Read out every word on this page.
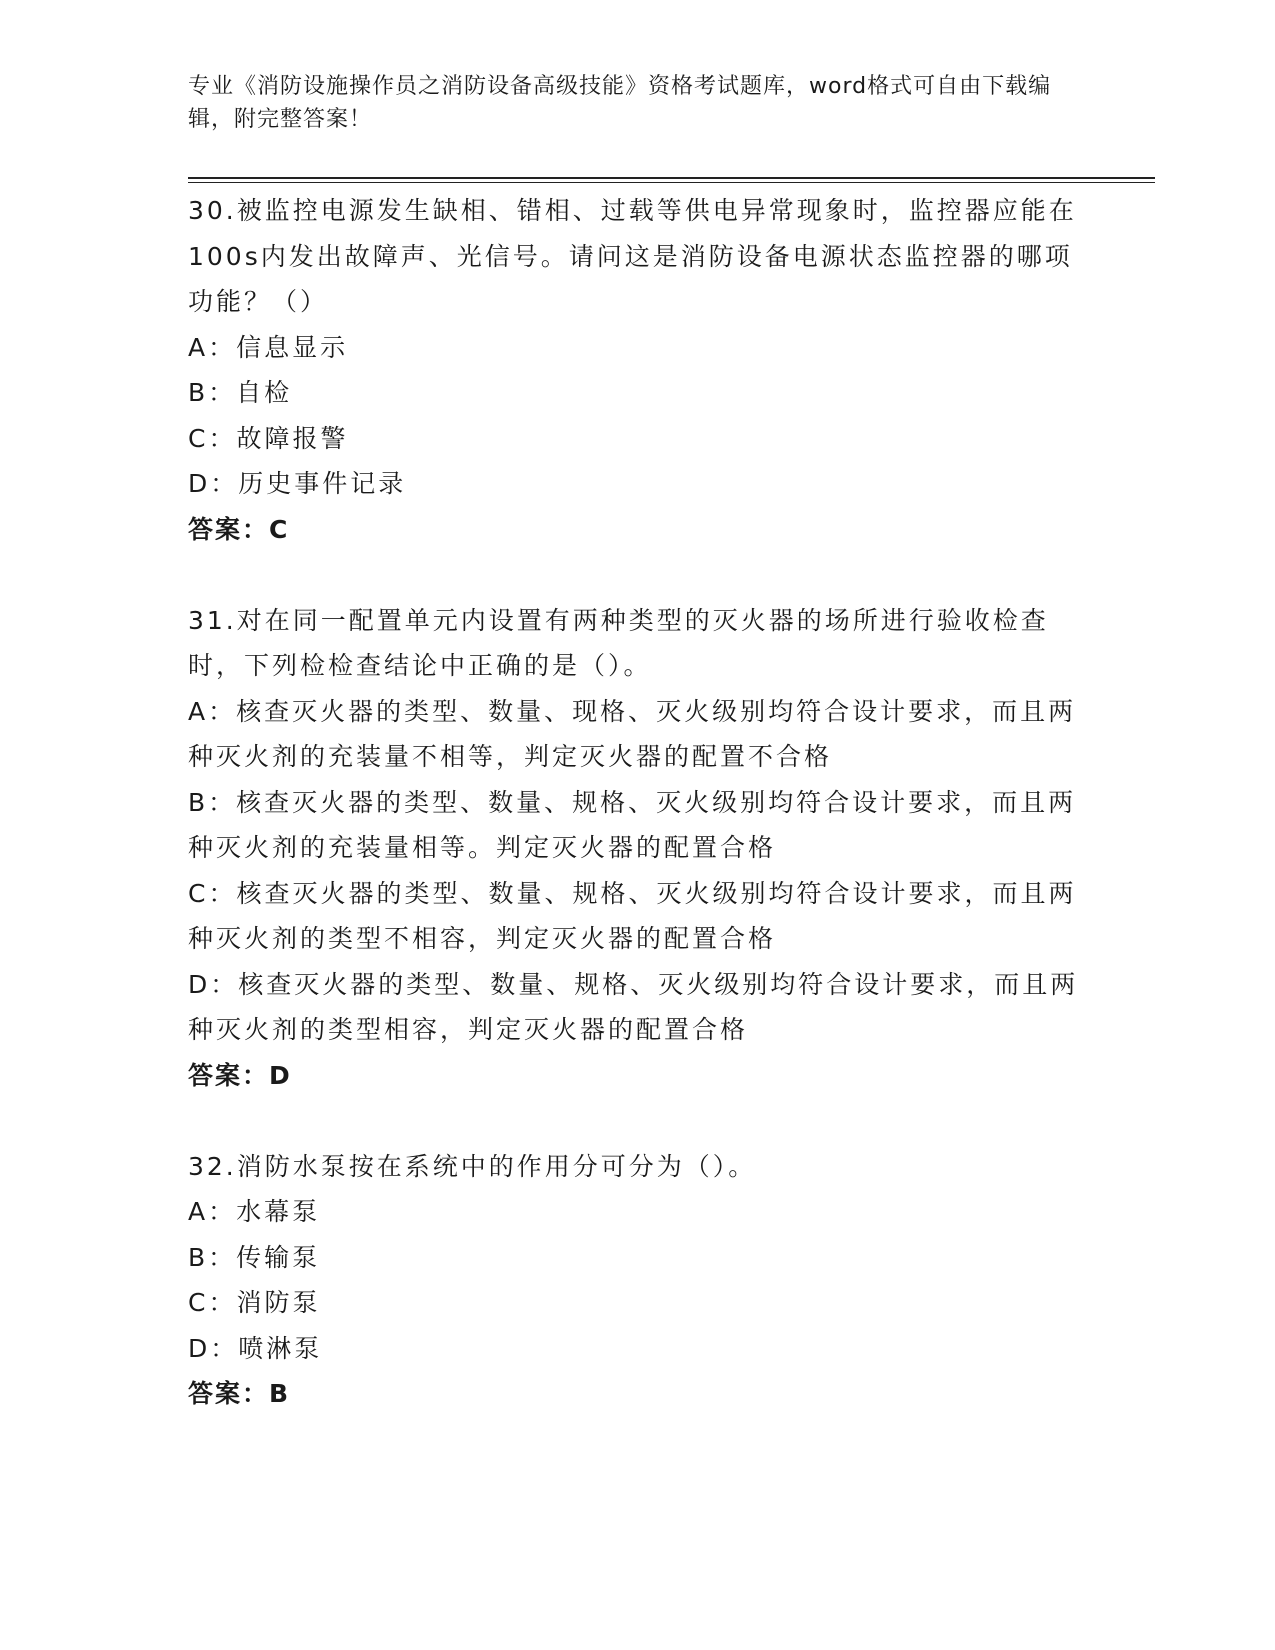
专业《消防设施操作员之消防设备高级技能》资格考试题库，word格式可自由下载编辑，附完整答案！

30.被监控电源发生缺相、错相、过载等供电异常现象时，监控器应能在100s内发出故障声、光信号。请问这是消防设备电源状态监控器的哪项功能？（）

A：信息显示

B：自检

C：故障报警

D：历史事件记录

答案：C

31.对在同一配置单元内设置有两种类型的灭火器的场所进行验收检查时，下列检检查结论中正确的是（）。

A：核查灭火器的类型、数量、现格、灭火级别均符合设计要求，而且两种灭火剂的充装量不相等，判定灭火器的配置不合格

B：核查灭火器的类型、数量、规格、灭火级别均符合设计要求，而且两种灭火剂的充装量相等。判定灭火器的配置合格

C：核查灭火器的类型、数量、规格、灭火级别均符合设计要求，而且两种灭火剂的类型不相容，判定灭火器的配置合格

D：核查灭火器的类型、数量、规格、灭火级别均符合设计要求，而且两种灭火剂的类型相容，判定灭火器的配置合格

答案：D

32.消防水泵按在系统中的作用分可分为（）。

A：水幕泵

B：传输泵

C：消防泵

D：喷淋泵

答案：B
